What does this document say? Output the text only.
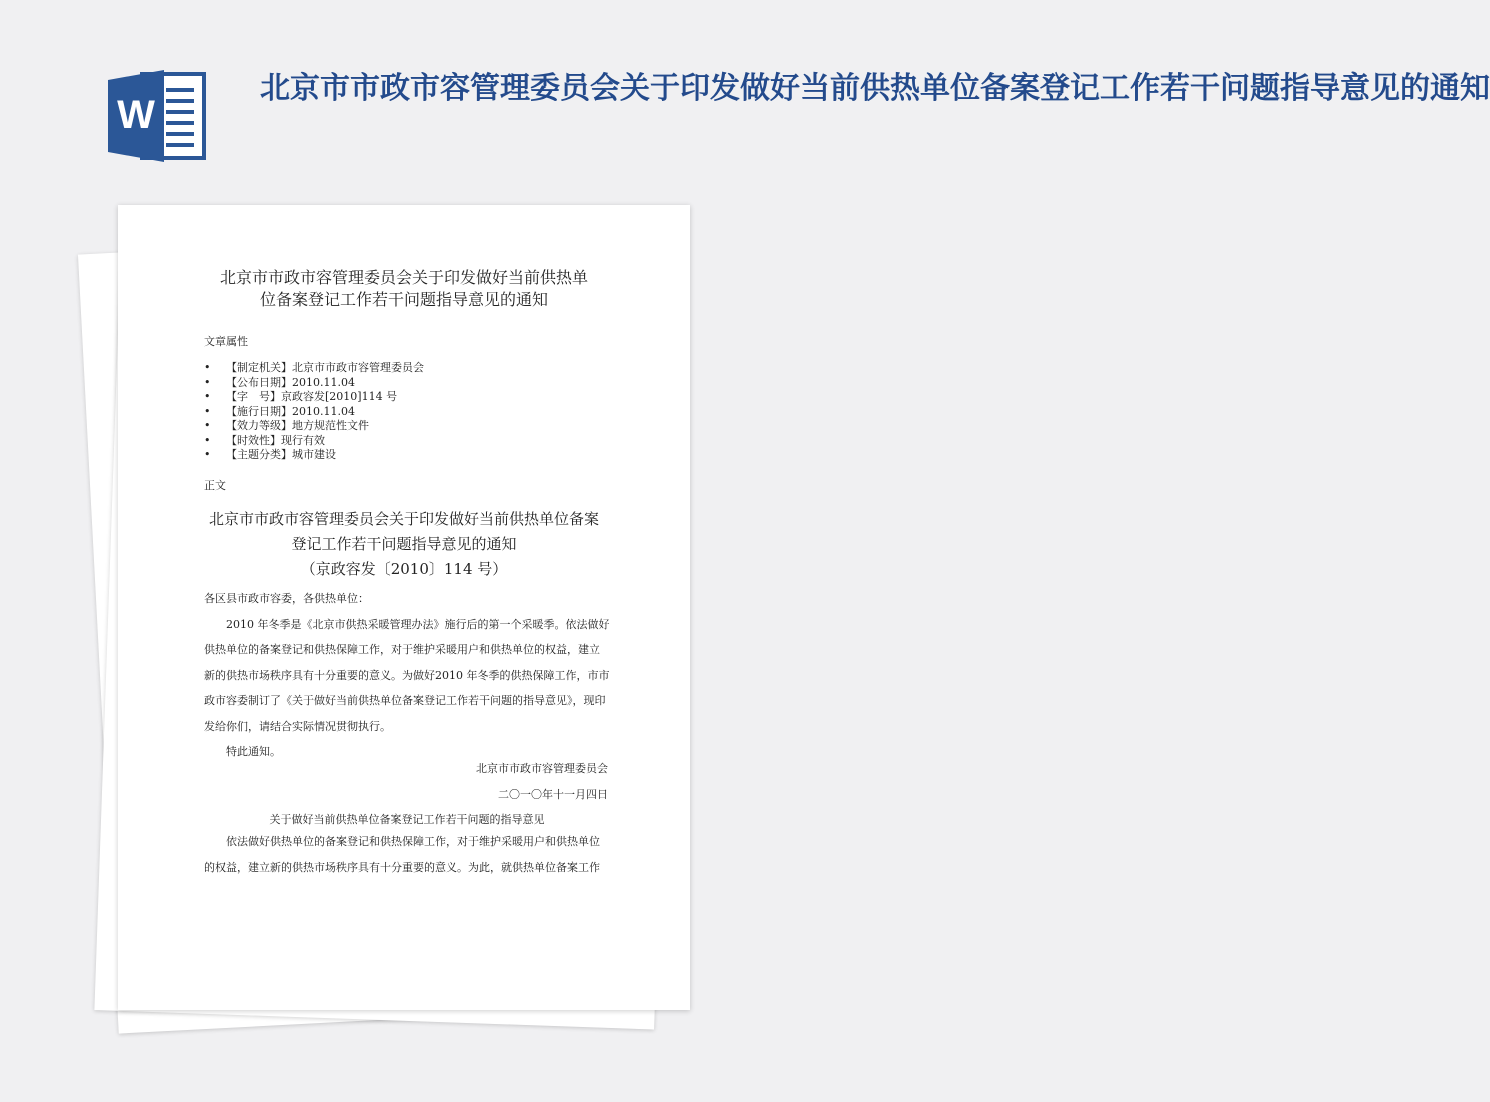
W
北京市市政市容管理委员会关于印发做好当前供热单位备案登记工作若干问题指导意见的通知
北京市市政市容管理委员会关于印发做好当前供热单
位备案登记工作若干问题指导意见的通知
文章属性
• 【制定机关】北京市市政市容管理委员会
• 【公布日期】2010.11.04
• 【字　号】京政容发[2010]114 号
• 【施行日期】2010.11.04
• 【效力等级】地方规范性文件
• 【时效性】现行有效
• 【主题分类】城市建设
正文
北京市市政市容管理委员会关于印发做好当前供热单位备案
登记工作若干问题指导意见的通知
（京政容发〔2010〕114 号）

各区县市政市容委，各供热单位：

2010 年冬季是《北京市供热采暖管理办法》施行后的第一个采暖季。依法做好供热单位的备案登记和供热保障工作，对于维护采暖用户和供热单位的权益，建立新的供热市场秩序具有十分重要的意义。为做好2010 年冬季的供热保障工作，市市政市容委制订了《关于做好当前供热单位备案登记工作若干问题的指导意见》，现印发给你们，请结合实际情况贯彻执行。

特此通知。

北京市市政市容管理委员会
二〇一〇年十一月四日
关于做好当前供热单位备案登记工作若干问题的指导意见

依法做好供热单位的备案登记和供热保障工作，对于维护采暖用户和供热单位的权益，建立新的供热市场秩序具有十分重要的意义。为此，就供热单位备案工作
